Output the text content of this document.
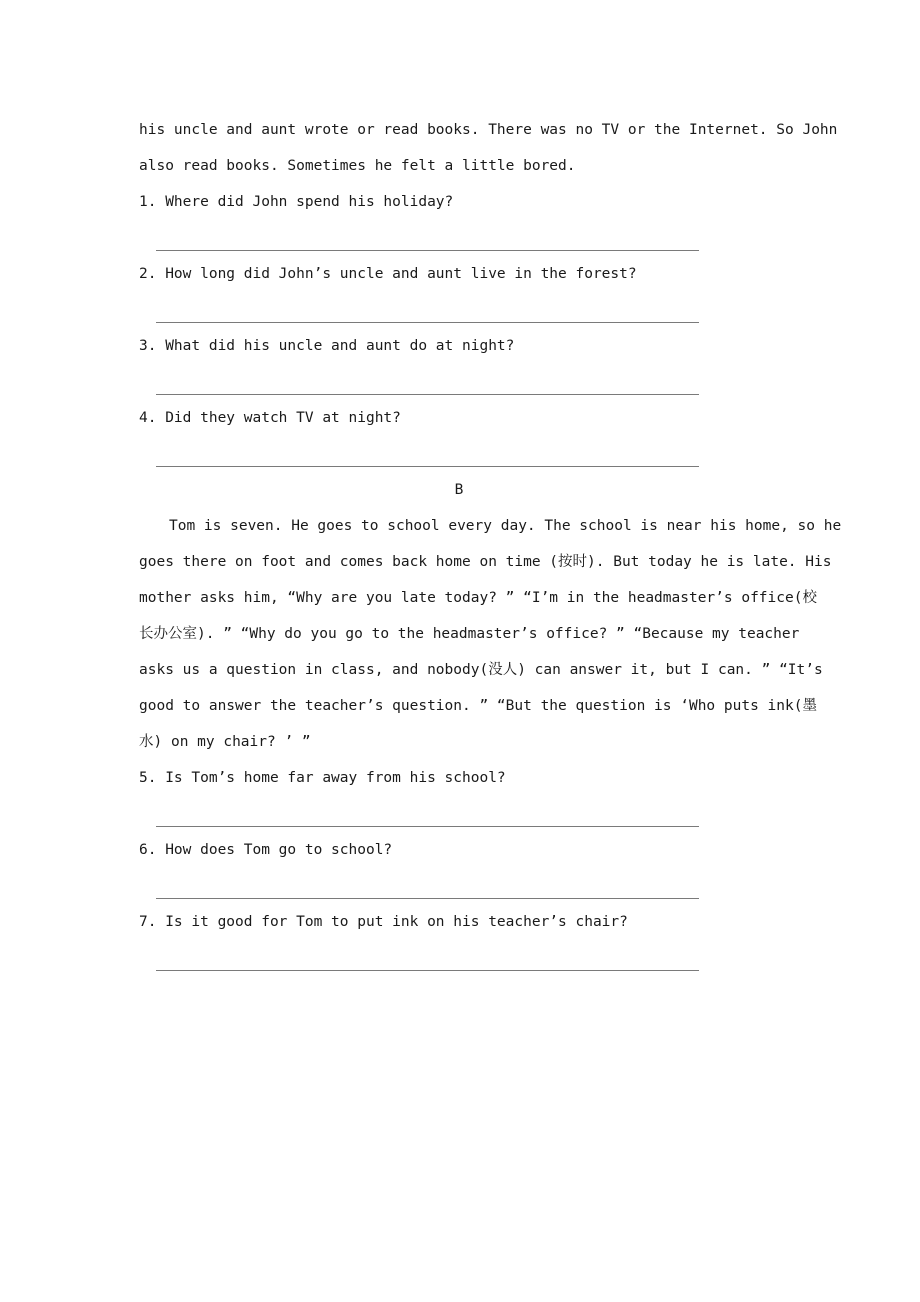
his uncle and aunt wrote or read books. There was no TV or the Internet. So John

also read books. Sometimes he felt a little bored.

1. Where did John spend his holiday?

2. How long did John’s uncle and aunt live in the forest?

3. What did his uncle and aunt do at night?

4. Did they watch TV at night?

B

Tom is seven. He goes to school every day. The school is near his home, so he

goes there on foot and comes back home on time (按时). But today he is late. His

mother asks him, “Why are you late today? ” “I’m in the headmaster’s office(校

长办公室). ” “Why do you go to the headmaster’s office? ” “Because my teacher

asks us a question in class, and nobody(没人) can answer it, but I can. ” “It’s

good to answer the teacher’s question. ” “But the question is ‘Who puts ink(墨

水) on my chair? ’ ”

5. Is Tom’s home far away from his school?

6. How does Tom go to school?

7. Is it good for Tom to put ink on his teacher’s chair?
